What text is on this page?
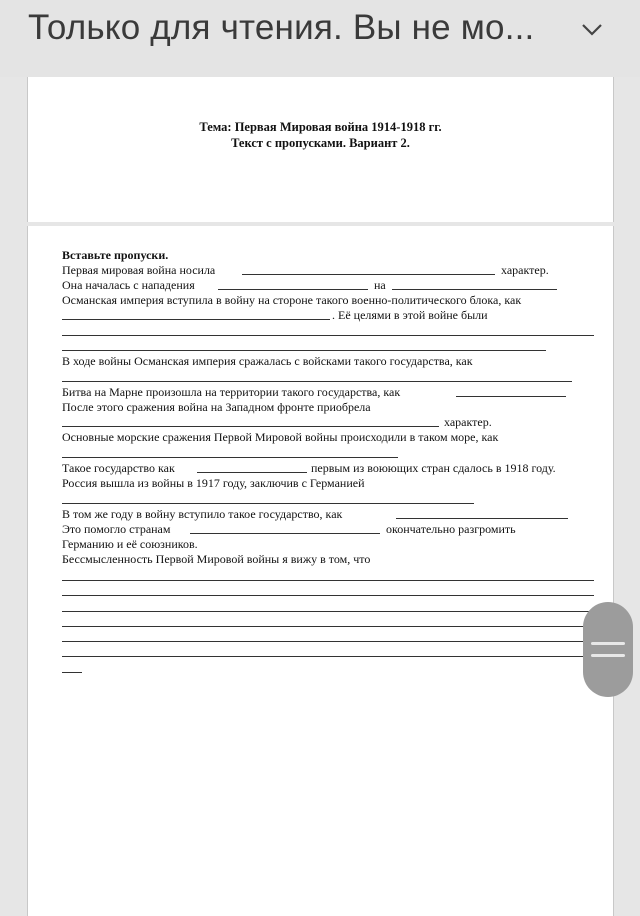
Только для чтения. Вы не мо...
Тема: Первая Мировая война 1914-1918 гг.
Текст с пропусками. Вариант 2.
Вставьте пропуски.
Первая мировая война носила	характер.
Она началась с нападения	на
Османская империя вступила в войну на стороне такого военно-политического блока, как
. Её целями в этой войне были
В ходе войны Османская империя сражалась с войсками такого государства, как
Битва на Марне произошла на территории такого государства, как
После этого сражения война на Западном фронте приобрела
характер.
Основные морские сражения Первой Мировой войны происходили в таком море, как
Такое государство как	первым из воюющих стран сдалось в 1918 году.
Россия вышла из войны в 1917 году, заключив с Германией
В том же году в войну вступило такое государство, как
Это помогло странам	окончательно разгромить
Германию и её союзников.
Бессмысленность Первой Мировой войны я вижу в том, что
